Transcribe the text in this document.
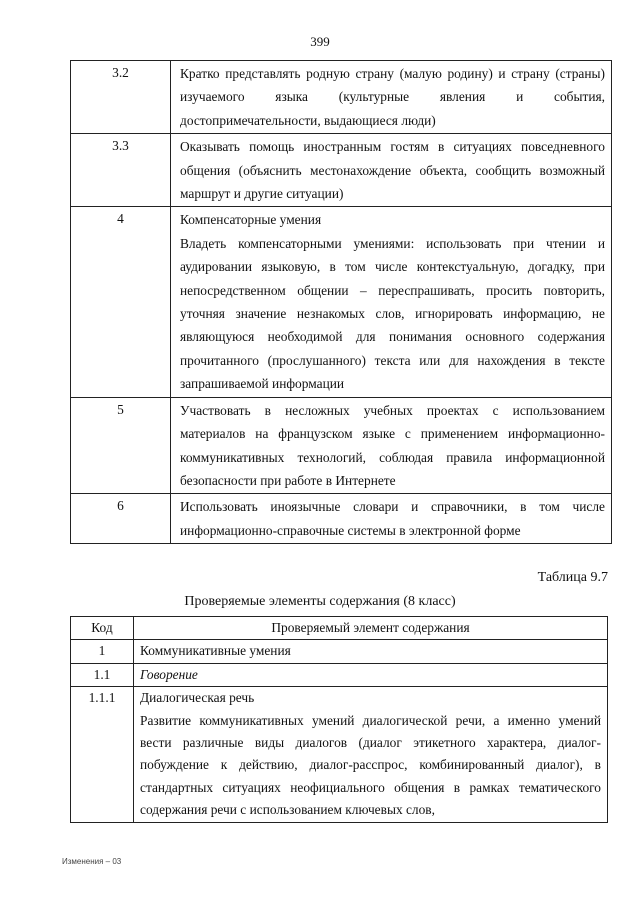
399
3.2	Кратко представлять родную страну (малую родину) и страну (страны) изучаемого языка (культурные явления и события, достопримечательности, выдающиеся люди)

3.3	Оказывать помощь иностранным гостям в ситуациях повседневного общения (объяснить местонахождение объекта, сообщить возможный маршрут и другие ситуации)

4	Компенсаторные умения

Владеть компенсаторными умениями: использовать при чтении и аудировании языковую, в том числе контекстуальную, догадку, при непосредственном общении – переспрашивать, просить повторить, уточняя значение незнакомых слов, игнорировать информацию, не являющуюся необходимой для понимания основного содержания прочитанного (прослушанного) текста или для нахождения в тексте запрашиваемой информации

5	Участвовать в несложных учебных проектах с использованием материалов на французском языке с применением информационно-коммуникативных технологий, соблюдая правила информационной безопасности при работе в Интернете

6	Использовать иноязычные словари и справочники, в том числе информационно-справочные системы в электронной форме

Таблица 9.7
Проверяемые элементы содержания (8 класс)
Код	Проверяемый элемент содержания
1	Коммуникативные умения

1.1	Говорение

1.1.1	Диалогическая речь

Развитие коммуникативных умений диалогической речи, а именно умений вести различные виды диалогов (диалог этикетного характера, диалог-побуждение к действию, диалог-расспрос, комбинированный диалог), в стандартных ситуациях неофициального общения в рамках тематического содержания речи с использованием ключевых слов,

Изменения – 03
